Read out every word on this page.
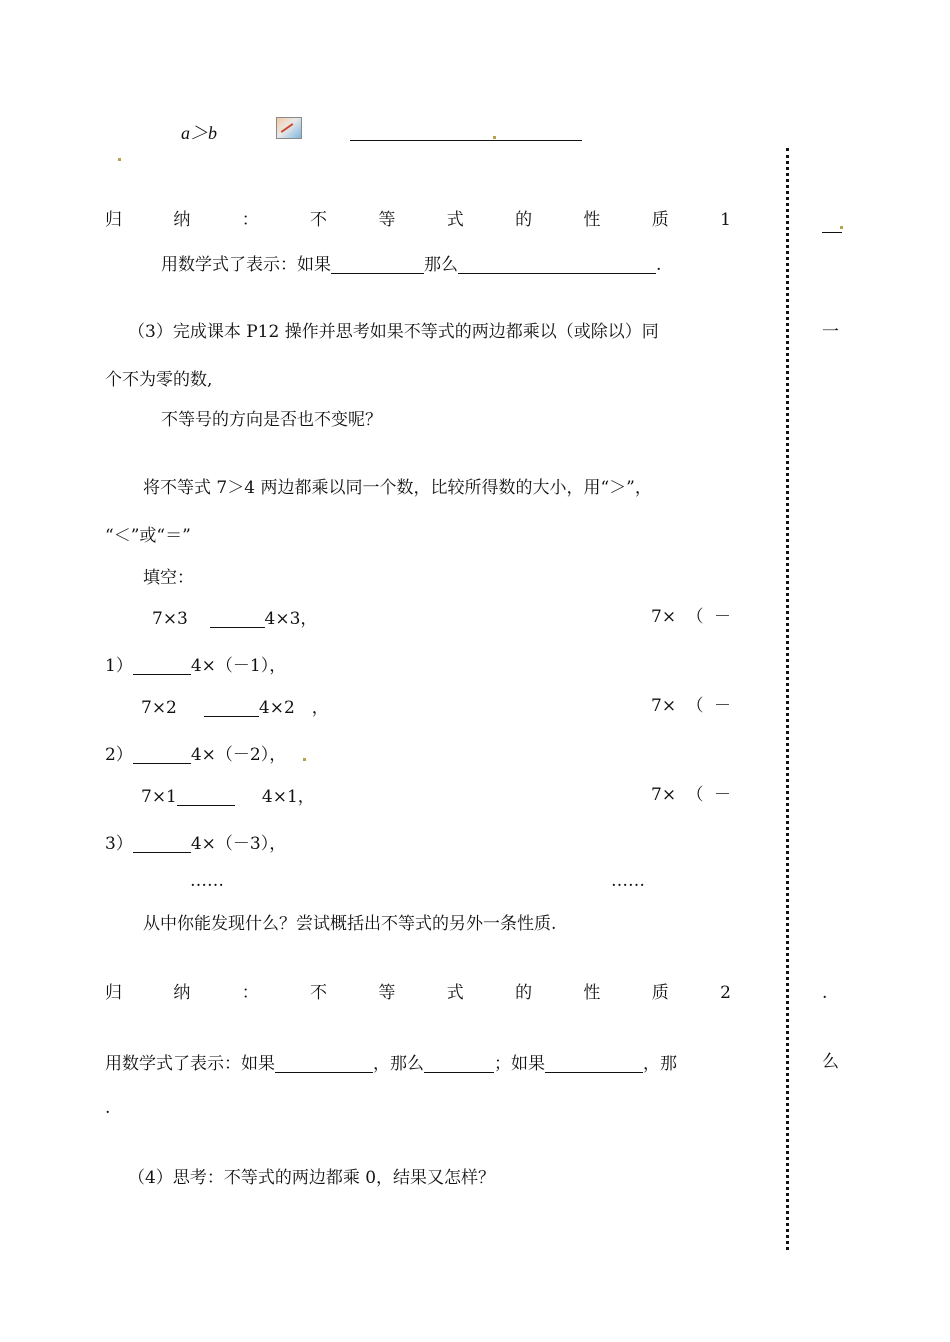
一
.
么
a＞b
归	纳	：	不	等	式	的	性	质	1
用数学式了表示：如果	那么	.
（3）完成课本 P12 操作并思考如果不等式的两边都乘以（或除以）同
个不为零的数,
不等号的方向是否也不变呢？
将不等式 7＞4 两边都乘以同一个数，比较所得数的大小，用“＞”，
“＜”或“＝”
填空：
7×3	4×3，	7× （ －
1）	4×（－1），
7×2	4×2　，	7× （ －
2）	4×（－2），
7×1	4×1，	7× （ －
3）	4×（－3），
……	……
从中你能发现什么？尝试概括出不等式的另外一条性质.
归	纳	：	不	等	式	的	性	质	2
用数学式了表示：如果	，那么	；如果	，那
.
（4）思考：不等式的两边都乘 0，结果又怎样？
